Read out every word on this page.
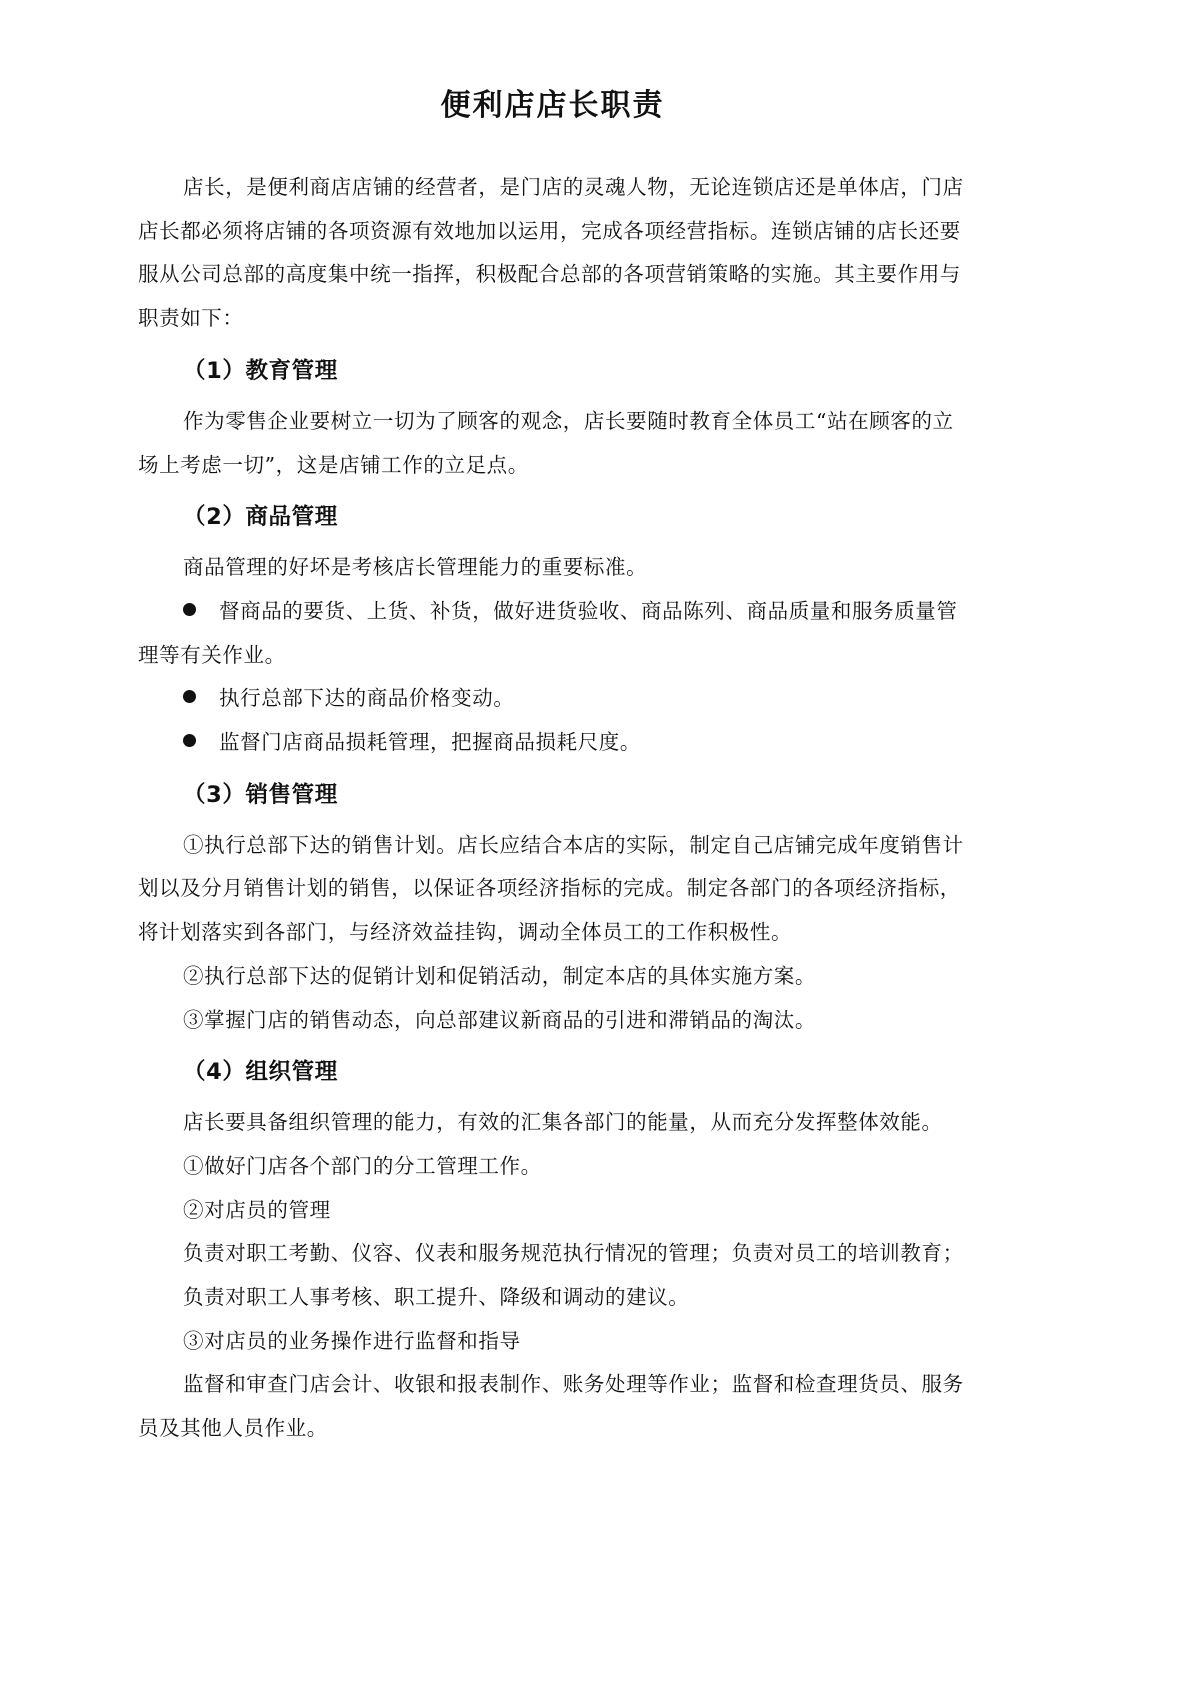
便利店店长职责

店长，是便利商店店铺的经营者，是门店的灵魂人物，无论连锁店还是单体店，门店店长都必须将店铺的各项资源有效地加以运用，完成各项经营指标。连锁店铺的店长还要服从公司总部的高度集中统一指挥，积极配合总部的各项营销策略的实施。其主要作用与职责如下：

（1）教育管理

作为零售企业要树立一切为了顾客的观念，店长要随时教育全体员工“站在顾客的立场上考虑一切”，这是店铺工作的立足点。

（2）商品管理

商品管理的好坏是考核店长管理能力的重要标准。

督商品的要货、上货、补货，做好进货验收、商品陈列、商品质量和服务质量管理等有关作业。

执行总部下达的商品价格变动。

监督门店商品损耗管理，把握商品损耗尺度。

（3）销售管理

①执行总部下达的销售计划。店长应结合本店的实际，制定自己店铺完成年度销售计划以及分月销售计划的销售，以保证各项经济指标的完成。制定各部门的各项经济指标，将计划落实到各部门，与经济效益挂钩，调动全体员工的工作积极性。

②执行总部下达的促销计划和促销活动，制定本店的具体实施方案。

③掌握门店的销售动态，向总部建议新商品的引进和滞销品的淘汰。

（4）组织管理

店长要具备组织管理的能力，有效的汇集各部门的能量，从而充分发挥整体效能。

①做好门店各个部门的分工管理工作。

②对店员的管理

负责对职工考勤、仪容、仪表和服务规范执行情况的管理；负责对员工的培训教育；

负责对职工人事考核、职工提升、降级和调动的建议。

③对店员的业务操作进行监督和指导

监督和审查门店会计、收银和报表制作、账务处理等作业；监督和检查理货员、服务员及其他人员作业。
